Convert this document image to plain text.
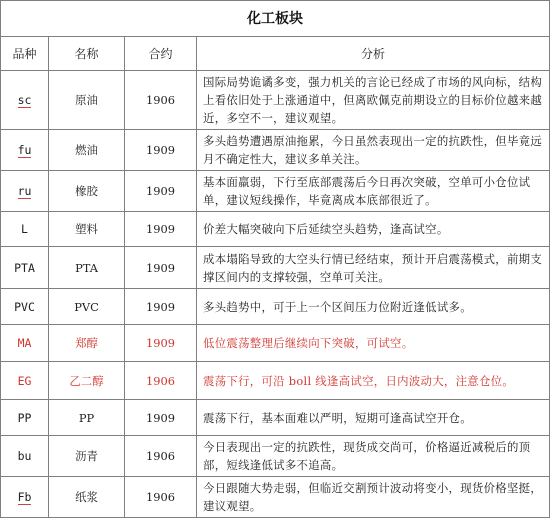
化工板块
品种	名称	合约	分析
sc	原油	1906	国际局势诡谲多变，强力机关的言论已经成了市场的风向标，结构上看依旧处于上涨通道中，但离欧佩克前期设立的目标价位越来越近，多空不一，建议观望。
fu	燃油	1909	多头趋势遭遇原油拖累，今日虽然表现出一定的抗跌性，但毕竟远月不确定性大，建议多单关注。
ru	橡胶	1909	基本面羸弱，下行至底部震荡后今日再次突破，空单可小仓位试单，建议短线操作，毕竟离成本底部很近了。
L	塑料	1909	价差大幅突破向下后延续空头趋势，逢高试空。
PTA	PTA	1909	成本塌陷导致的大空头行情已经结束，预计开启震荡模式，前期支撑区间内的支撑较强，空单可关注。
PVC	PVC	1909	多头趋势中，可于上一个区间压力位附近逢低试多。
MA	郑醇	1909	低位震荡整理后继续向下突破，可试空。
EG	乙二醇	1906	震荡下行，可沿 boll 线逢高试空，日内波动大，注意仓位。
PP	PP	1909	震荡下行，基本面难以严明，短期可逢高试空开仓。
bu	沥青	1906	今日表现出一定的抗跌性，现货成交尚可，价格逼近减税后的顶部，短线逢低试多不追高。
Fb	纸浆	1906	今日跟随大势走弱，但临近交割预计波动将变小，现货价格坚挺，建议观望。
